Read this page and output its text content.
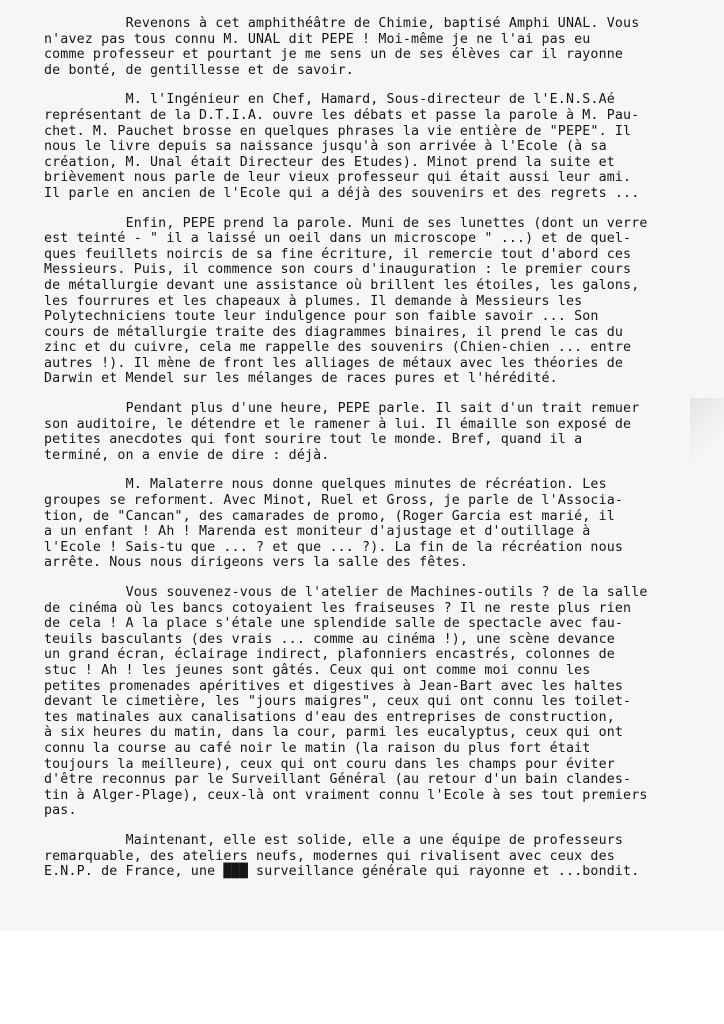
Revenons à cet amphithéâtre de Chimie, baptisé Amphi UNAL. Vous
n'avez pas tous connu M. UNAL dit PEPE ! Moi-même je ne l'ai pas eu
comme professeur et pourtant je me sens un de ses élèves car il rayonne
de bonté, de gentillesse et de savoir.

M. l'Ingénieur en Chef, Hamard, Sous-directeur de l'E.N.S.Aé
représentant de la D.T.I.A. ouvre les débats et passe la parole à M. Pau-
chet. M. Pauchet brosse en quelques phrases la vie entière de "PEPE". Il
nous le livre depuis sa naissance jusqu'à son arrivée à l'Ecole (à sa
création, M. Unal était Directeur des Etudes). Minot prend la suite et
brièvement nous parle de leur vieux professeur qui était aussi leur ami.
Il parle en ancien de l'Ecole qui a déjà des souvenirs et des regrets ...

Enfin, PEPE prend la parole. Muni de ses lunettes (dont un verre
est teinté - " il a laissé un oeil dans un microscope " ...) et de quel-
ques feuillets noircis de sa fine écriture, il remercie tout d'abord ces
Messieurs. Puis, il commence son cours d'inauguration : le premier cours
de métallurgie devant une assistance où brillent les étoiles, les galons,
les fourrures et les chapeaux à plumes. Il demande à Messieurs les
Polytechniciens toute leur indulgence pour son faible savoir ... Son
cours de métallurgie traite des diagrammes binaires, il prend le cas du
zinc et du cuivre, cela me rappelle des souvenirs (Chien-chien ... entre
autres !). Il mène de front les alliages de métaux avec les théories de
Darwin et Mendel sur les mélanges de races pures et l'hérédité.

Pendant plus d'une heure, PEPE parle. Il sait d'un trait remuer
son auditoire, le détendre et le ramener à lui. Il émaille son exposé de
petites anecdotes qui font sourire tout le monde. Bref, quand il a
terminé, on a envie de dire : déjà.

M. Malaterre nous donne quelques minutes de récréation. Les
groupes se reforment. Avec Minot, Ruel et Gross, je parle de l'Associa-
tion, de "Cancan", des camarades de promo, (Roger Garcia est marié, il
a un enfant ! Ah ! Marenda est moniteur d'ajustage et d'outillage à
l'Ecole ! Sais-tu que ... ? et que ... ?). La fin de la récréation nous
arrête. Nous nous dirigeons vers la salle des fêtes.

Vous souvenez-vous de l'atelier de Machines-outils ? de la salle
de cinéma où les bancs cotoyaient les fraiseuses ? Il ne reste plus rien
de cela ! A la place s'étale une splendide salle de spectacle avec fau-
teuils basculants (des vrais ... comme au cinéma !), une scène devance
un grand écran, éclairage indirect, plafonniers encastrés, colonnes de
stuc ! Ah ! les jeunes sont gâtés. Ceux qui ont comme moi connu les
petites promenades apéritives et digestives à Jean-Bart avec les haltes
devant le cimetière, les "jours maigres", ceux qui ont connu les toilet-
tes matinales aux canalisations d'eau des entreprises de construction,
à six heures du matin, dans la cour, parmi les eucalyptus, ceux qui ont
connu la course au café noir le matin (la raison du plus fort était
toujours la meilleure), ceux qui ont couru dans les champs pour éviter
d'être reconnus par le Surveillant Général (au retour d'un bain clandes-
tin à Alger-Plage), ceux-là ont vraiment connu l'Ecole à ses tout premiers
pas.

Maintenant, elle est solide, elle a une équipe de professeurs
remarquable, des ateliers neufs, modernes qui rivalisent avec ceux des
E.N.P. de France, une ███ surveillance générale qui rayonne et ...bondit.
